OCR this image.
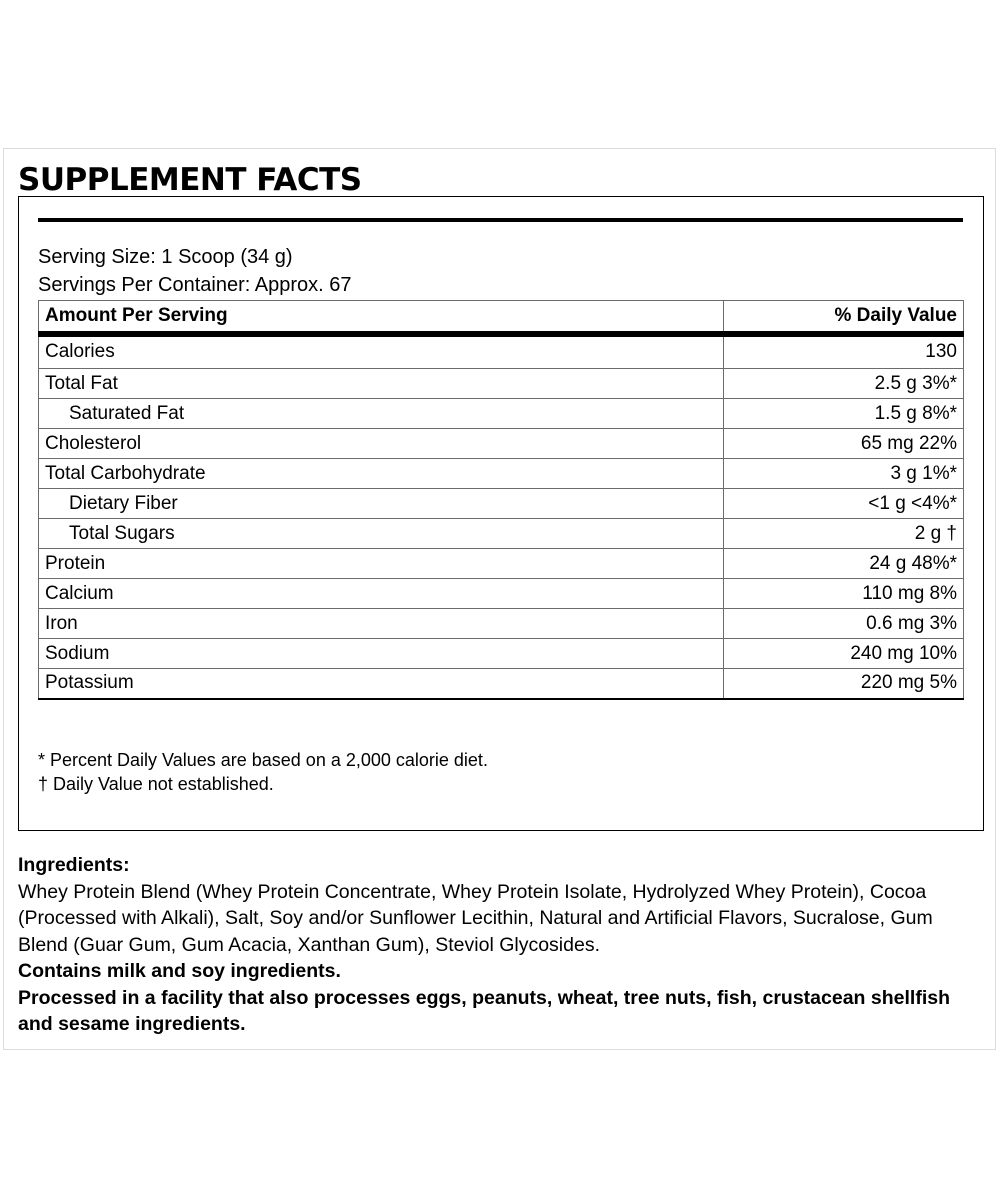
SUPPLEMENT FACTS
Serving Size: 1 Scoop (34 g)
Servings Per Container: Approx. 67
Amount Per Serving	% Daily Value
Calories	130
Total Fat	2.5 g 3%*
Saturated Fat	1.5 g 8%*
Cholesterol	65 mg 22%
Total Carbohydrate	3 g 1%*
Dietary Fiber	<1 g <4%*
Total Sugars	2 g †
Protein	24 g 48%*
Calcium	110 mg 8%
Iron	0.6 mg 3%
Sodium	240 mg 10%
Potassium	220 mg 5%
* Percent Daily Values are based on a 2,000 calorie diet.
† Daily Value not established.
Ingredients:
Whey Protein Blend (Whey Protein Concentrate, Whey Protein Isolate, Hydrolyzed Whey Protein), Cocoa (Processed with Alkali), Salt, Soy and/or Sunflower Lecithin, Natural and Artificial Flavors, Sucralose, Gum Blend (Guar Gum, Gum Acacia, Xanthan Gum), Steviol Glycosides.
Contains milk and soy ingredients.
Processed in a facility that also processes eggs, peanuts, wheat, tree nuts, fish, crustacean shellfish and sesame ingredients.
